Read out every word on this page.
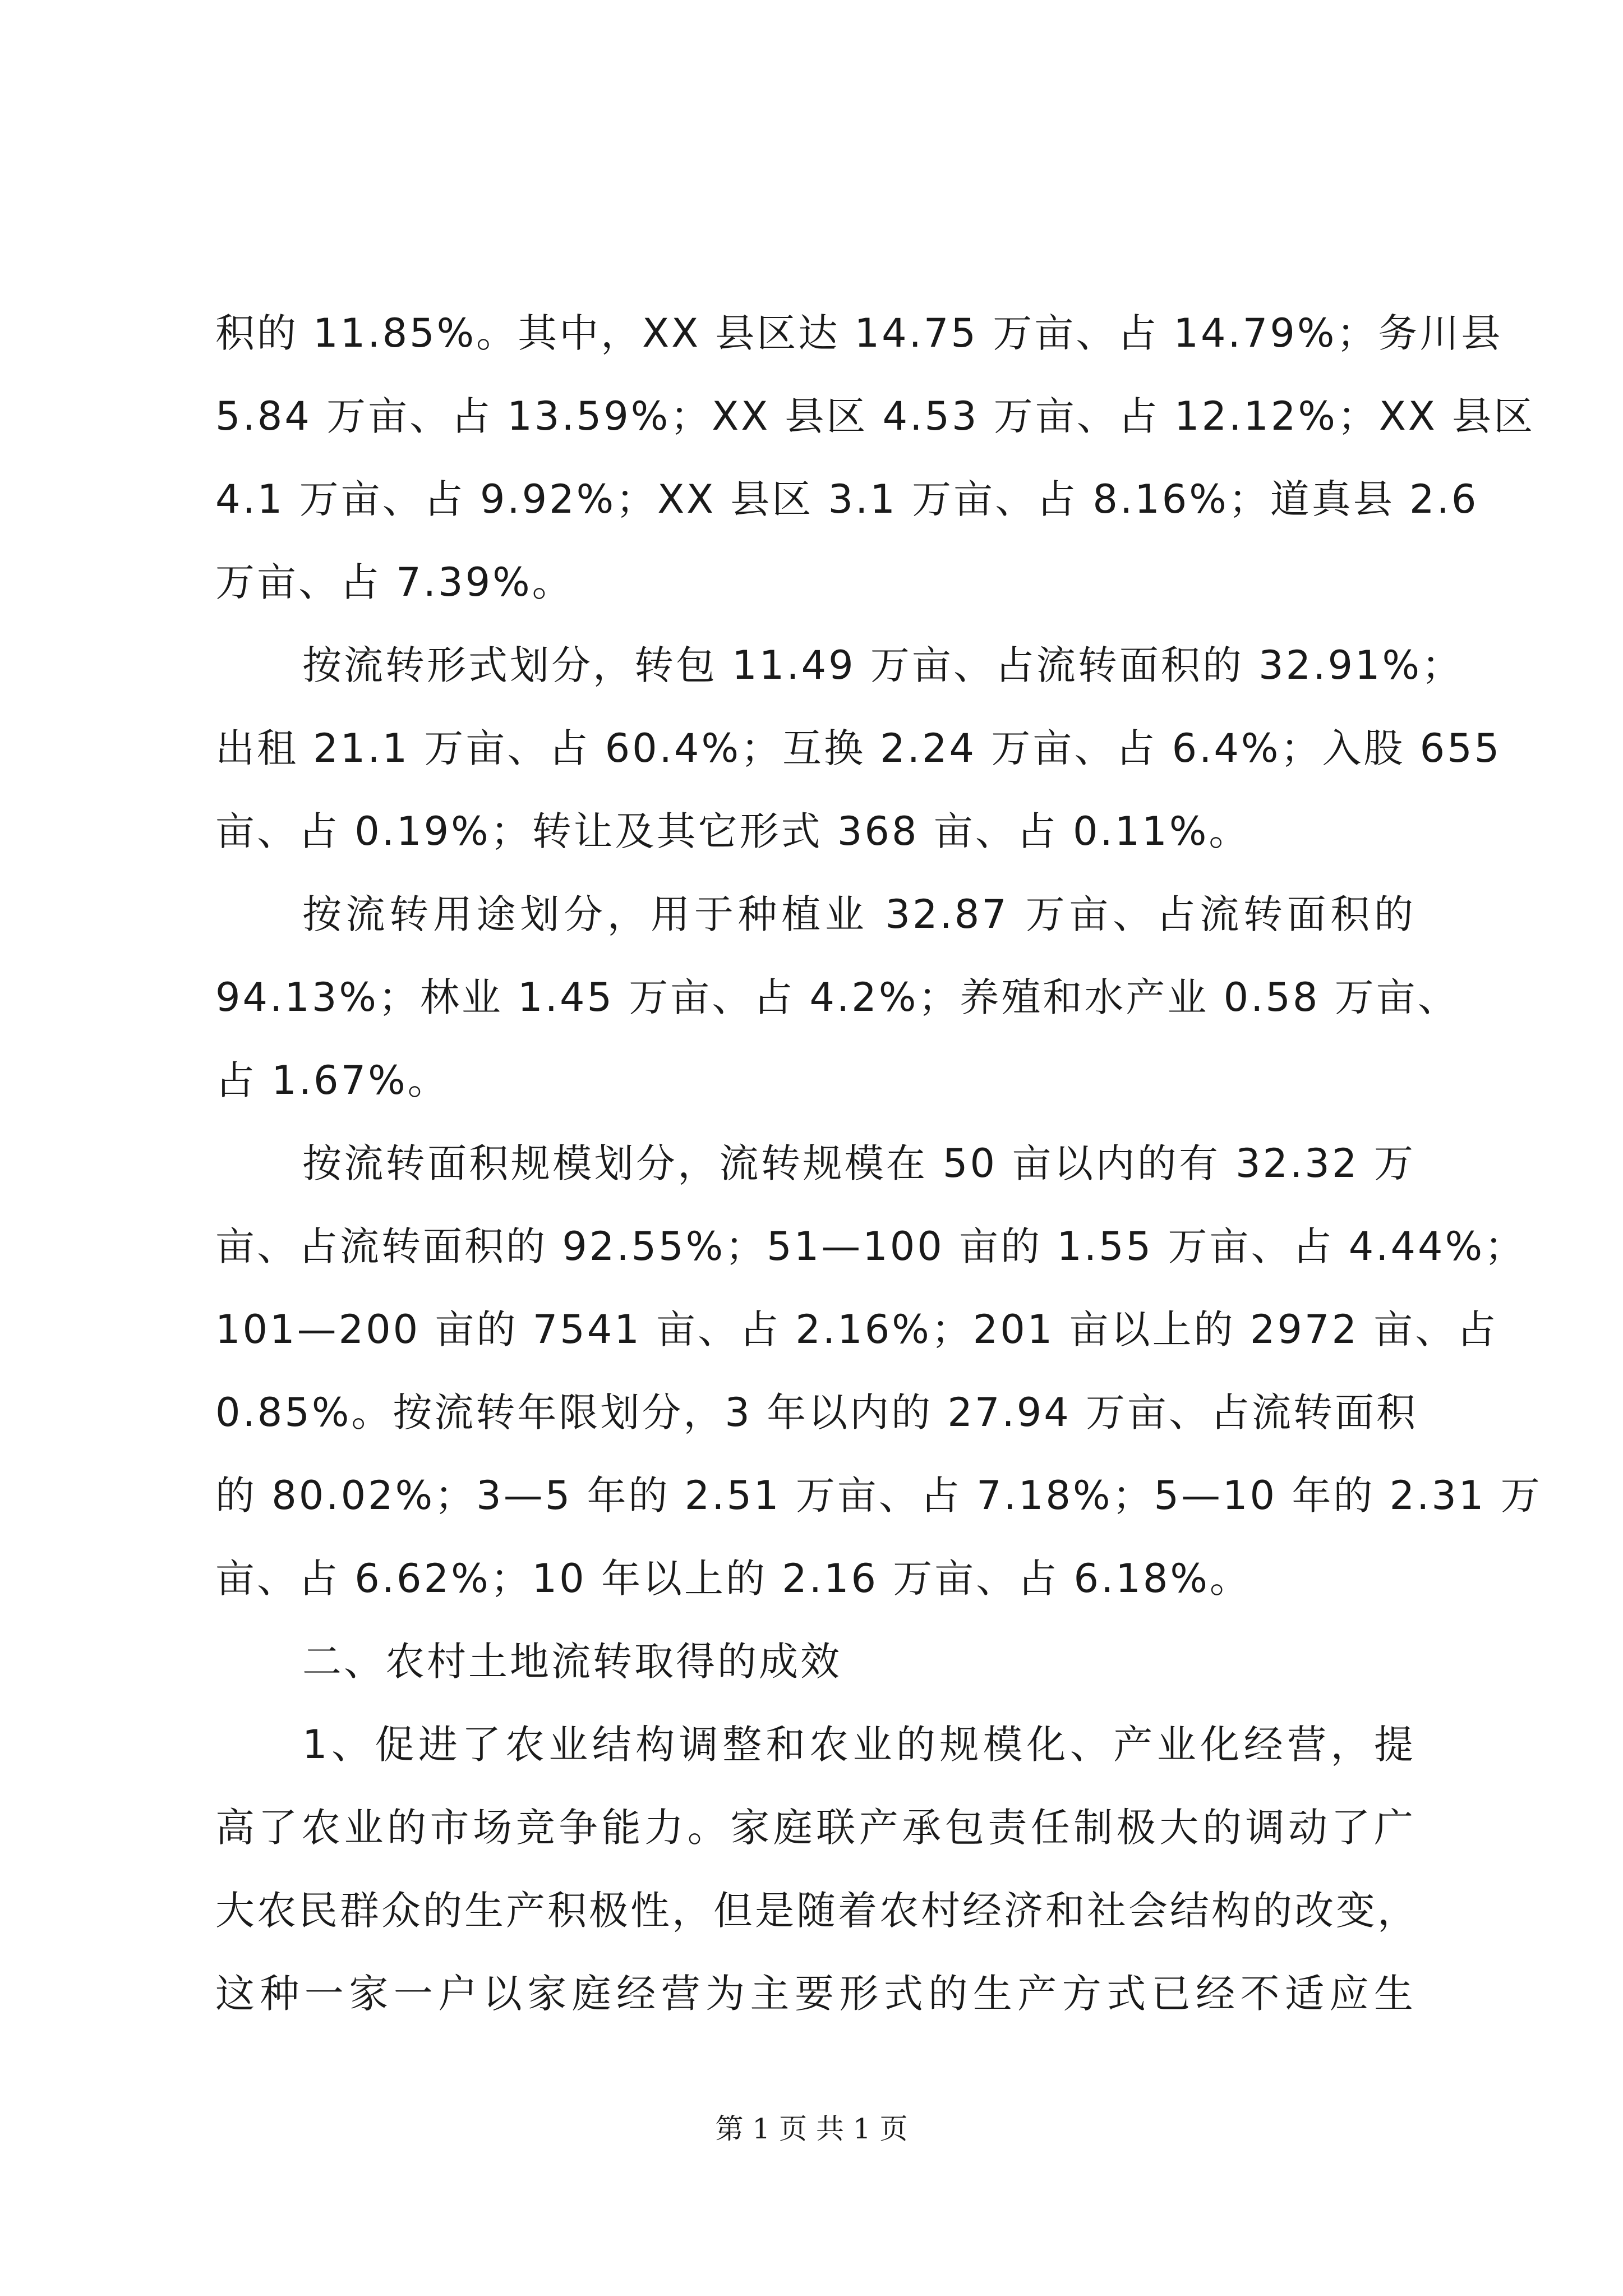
积的 11.85%。其中，XX 县区达 14.75 万亩、占 14.79%；务川县
5.84 万亩、占 13.59%；XX 县区 4.53 万亩、占 12.12%；XX 县区
4.1 万亩、占 9.92%；XX 县区 3.1 万亩、占 8.16%；道真县 2.6
万亩、占 7.39%。
按流转形式划分，转包 11.49 万亩、占流转面积的 32.91%；
出租 21.1 万亩、占 60.4%；互换 2.24 万亩、占 6.4%；入股 655
亩、占 0.19%；转让及其它形式 368 亩、占 0.11%。
按流转用途划分，用于种植业 32.87 万亩、占流转面积的
94.13%；林业 1.45 万亩、占 4.2%；养殖和水产业 0.58 万亩、
占 1.67%。
按流转面积规模划分，流转规模在 50 亩以内的有 32.32 万
亩、占流转面积的 92.55%；51—100 亩的 1.55 万亩、占 4.44%；
101—200 亩的 7541 亩、占 2.16%；201 亩以上的 2972 亩、占
0.85%。按流转年限划分，3 年以内的 27.94 万亩、占流转面积
的 80.02%；3—5 年的 2.51 万亩、占 7.18%；5—10 年的 2.31 万
亩、占 6.62%；10 年以上的 2.16 万亩、占 6.18%。
二、农村土地流转取得的成效
1、促进了农业结构调整和农业的规模化、产业化经营，提
高了农业的市场竞争能力。家庭联产承包责任制极大的调动了广
大农民群众的生产积极性，但是随着农村经济和社会结构的改变，
这种一家一户以家庭经营为主要形式的生产方式已经不适应生
第 1 页 共 1 页
